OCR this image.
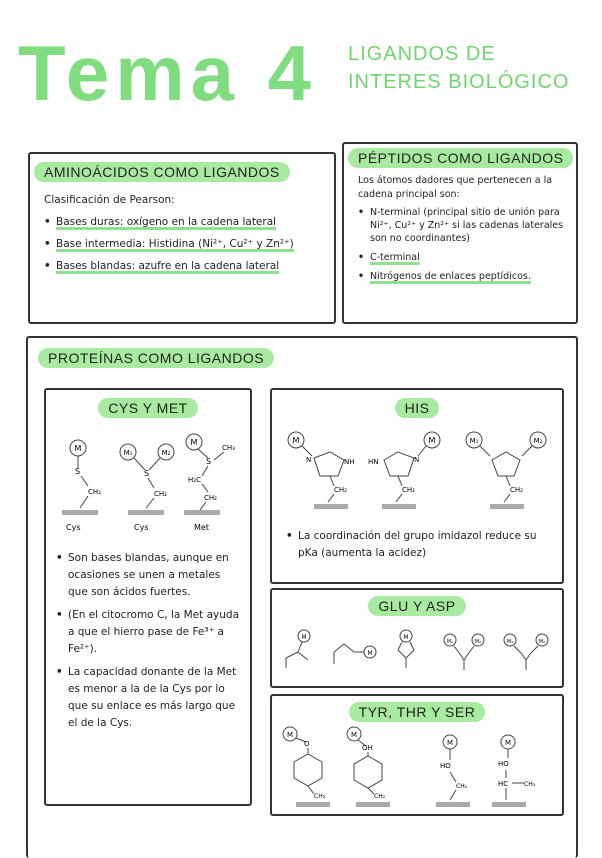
Tema 4	LIGANDOS DE INTERES BIOLÓGICO
AMINOÁCIDOS COMO LIGANDOS
Clasificación de Pearson:
• Bases duras: oxígeno en la cadena lateral
• Base intermedia: Histidina (Ni²⁺, Cu²⁺ y Zn²⁺)
• Bases blandas: azufre en la cadena lateral
PÉPTIDOS COMO LIGANDOS
Los átomos dadores que pertenecen a la cadena principal son:
• N-terminal (principal sitio de unión para Ni²⁺, Cu²⁺ y Zn²⁺ si las cadenas laterales son no coordinantes)
• C-terminal
• Nitrógenos de enlaces peptídicos.
PROTEÍNAS COMO LIGANDOS
CYS Y MET
M
S
CH₂
Cys
M₁	M₂
S
CH₂
Cys
M
S
CH₃
H₂C
CH₂
Met
• Son bases blandas, aunque en ocasiones se unen a metales que son ácidos fuertes.
• (En el citocromo C, la Met ayuda a que el hierro pase de Fe³⁺ a Fe²⁺).
• La capacidad donante de la Met es menor a la de la Cys por lo que su enlace es más largo que el de la Cys.
HIS
M
NH
N
CH₂
M
HN	N
CH₂
M₁	M₂
CH₂
• La coordinación del grupo imidazol reduce su pKa (aumenta la acidez)
GLU Y ASP
M
M
M
M₁	M₂	M₁	M₂
TYR, THR Y SER
M
O
CH₂
M
OH
CH₂
M
HO
CH₂
M
HO
HC	CH₃
